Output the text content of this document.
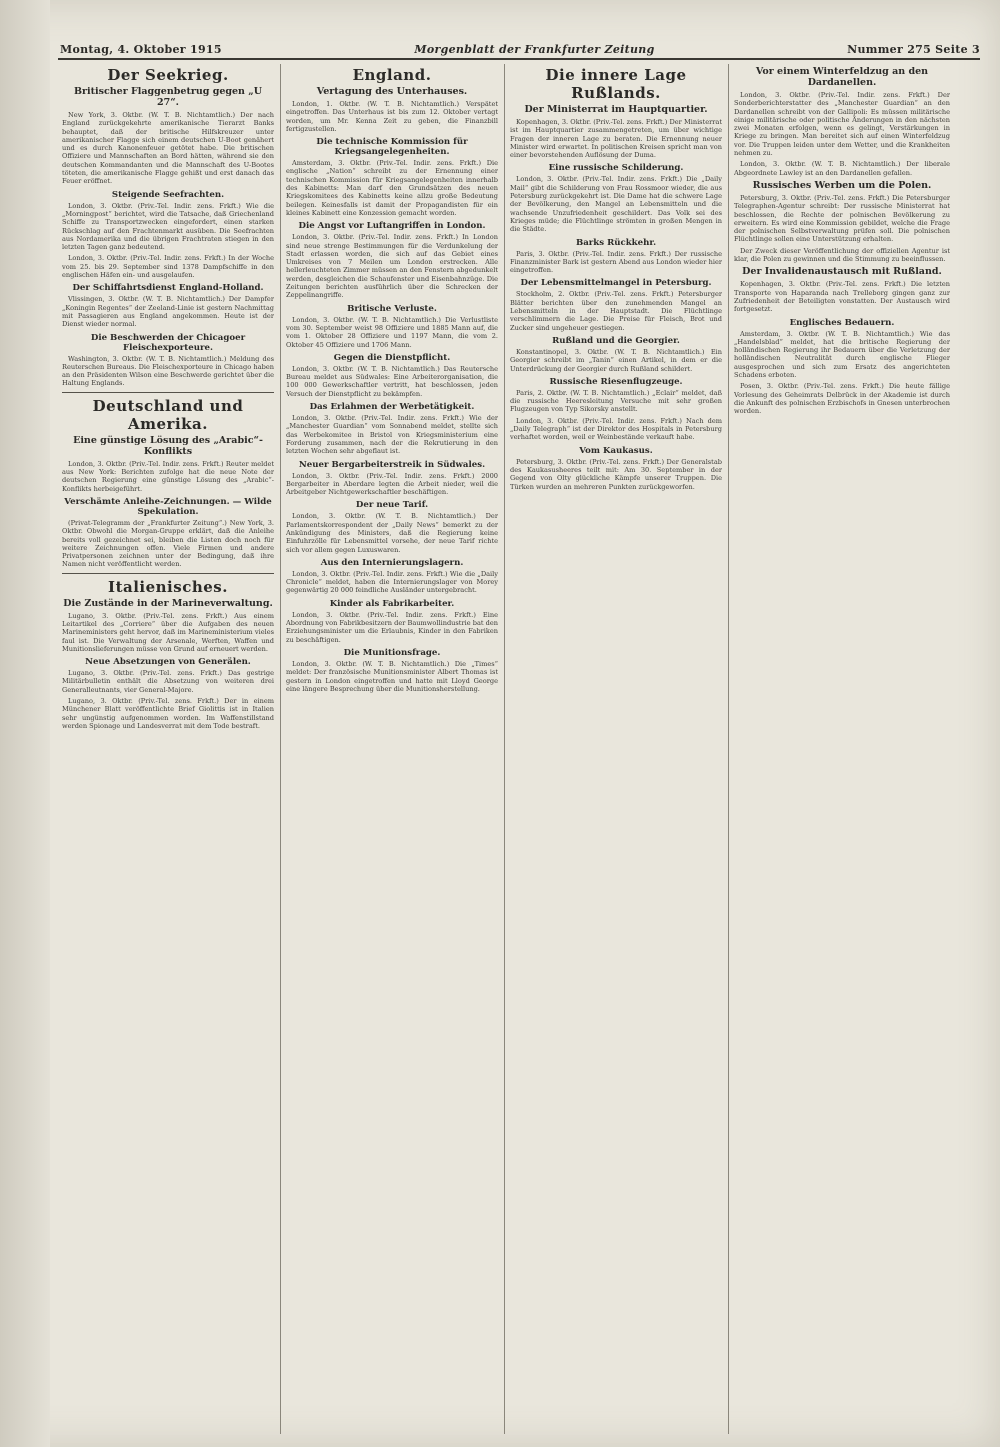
Montag, 4. Oktober 1915	Morgenblatt der Frankfurter Zeitung	Nummer 275 Seite 3
Der Seekrieg.
Britischer Flaggenbetrug gegen „U 27“.

New York, 3. Oktbr. (W. T. B. Nichtamtlich.) Der nach England zurückgekehrte amerikanische Tierarzt Banks behauptet, daß der britische Hilfskreuzer unter amerikanischer Flagge sich einem deutschen U-Boot genähert und es durch Kanonenfeuer getötet habe. Die britischen Offiziere und Mannschaften an Bord hätten, während sie den deutschen Kommandanten und die Mannschaft des U-Bootes töteten, die amerikanische Flagge gehißt und erst danach das Feuer eröffnet.

Steigende Seefrachten.

London, 3. Oktbr. (Priv.-Tel. Indir. zens. Frkft.) Wie die „Morningpost“ berichtet, wird die Tatsache, daß Griechenland Schiffe zu Transportzwecken eingefordert, einen starken Rückschlag auf den Frachtenmarkt ausüben. Die Seefrachten aus Nordamerika und die übrigen Frachtraten stiegen in den letzten Tagen ganz bedeutend.

London, 3. Oktbr. (Priv.-Tel. Indir. zens. Frkft.) In der Woche vom 25. bis 29. September sind 1378 Dampfschiffe in den englischen Häfen ein- und ausgelaufen.

Der Schiffahrtsdienst England-Holland.

Vlissingen, 3. Oktbr. (W. T. B. Nichtamtlich.) Der Dampfer „Koningin Regentes“ der Zeeland-Linie ist gestern Nachmittag mit Passagieren aus England angekommen. Heute ist der Dienst wieder normal.

Die Beschwerden der Chicagoer Fleischexporteure.

Washington, 3. Oktbr. (W. T. B. Nichtamtlich.) Meldung des Reuterschen Bureaus. Die Fleischexporteure in Chicago haben an den Präsidenten Wilson eine Beschwerde gerichtet über die Haltung Englands.

Deutschland und Amerika.
Eine günstige Lösung des „Arabic“-Konflikts

London, 3. Oktbr. (Priv.-Tel. Indir. zens. Frkft.) Reuter meldet aus New York: Berichten zufolge hat die neue Note der deutschen Regierung eine günstige Lösung des „Arabic“-Konflikts herbeigeführt.

Verschämte Anleihe-Zeichnungen. — Wilde Spekulation.

(Privat-Telegramm der „Frankfurter Zeitung“.) New York, 3. Oktbr. Obwohl die Morgan-Gruppe erklärt, daß die Anleihe bereits voll gezeichnet sei, bleiben die Listen doch noch für weitere Zeichnungen offen. Viele Firmen und andere Privatpersonen zeichnen unter der Bedingung, daß ihre Namen nicht veröffentlicht werden.

Italienisches.
Die Zustände in der Marineverwaltung.

Lugano, 3. Oktbr. (Priv.-Tel. zens. Frkft.) Aus einem Leitartikel des „Corriere“ über die Aufgaben des neuen Marineministers geht hervor, daß im Marineministerium vieles faul ist. Die Verwaltung der Arsenale, Werften, Waffen und Munitionslieferungen müsse von Grund auf erneuert werden.

Neue Absetzungen von Generälen.

Lugano, 3. Oktbr. (Priv.-Tel. zens. Frkft.) Das gestrige Militärbulletin enthält die Absetzung von weiteren drei Generalleutnants, vier General-Majore.

Lugano, 3. Oktbr. (Priv.-Tel. zens. Frkft.) Der in einem Münchener Blatt veröffentlichte Brief Giolittis ist in Italien sehr ungünstig aufgenommen worden. Im Waffenstillstand werden Spionage und Landesverrat mit dem Tode bestraft.

England.
Vertagung des Unterhauses.

London, 1. Oktbr. (W. T. B. Nichtamtlich.) Verspätet eingetroffen. Das Unterhaus ist bis zum 12. Oktober vertagt worden, um Mr. Kenna Zeit zu geben, die Finanzbill fertigzustellen.

Die technische Kommission für Kriegsangelegenheiten.

Amsterdam, 3. Oktbr. (Priv.-Tel. Indir. zens. Frkft.) Die englische „Nation“ schreibt zu der Ernennung einer technischen Kommission für Kriegsangelegenheiten innerhalb des Kabinetts: Man darf den Grundsätzen des neuen Kriegskomitees des Kabinetts keine allzu große Bedeutung beilegen. Keinesfalls ist damit der Propagandisten für ein kleines Kabinett eine Konzession gemacht worden.

Die Angst vor Luftangriffen in London.

London, 3. Oktbr. (Priv.-Tel. Indir. zens. Frkft.) In London sind neue strenge Bestimmungen für die Verdunkelung der Stadt erlassen worden, die sich auf das Gebiet eines Umkreises von 7 Meilen um London erstrecken. Alle hellerleuchteten Zimmer müssen an den Fenstern abgedunkelt werden, desgleichen die Schaufenster und Eisenbahnzüge. Die Zeitungen berichten ausführlich über die Schrecken der Zeppelinangriffe.

Britische Verluste.

London, 3. Oktbr. (W. T. B. Nichtamtlich.) Die Verlustliste vom 30. September weist 98 Offiziere und 1885 Mann auf, die vom 1. Oktober 28 Offiziere und 1197 Mann, die vom 2. Oktober 45 Offiziere und 1706 Mann.

Gegen die Dienstpflicht.

London, 3. Oktbr. (W. T. B. Nichtamtlich.) Das Reutersche Bureau meldet aus Südwales: Eine Arbeiterorganisation, die 100 000 Gewerkschaftler vertritt, hat beschlossen, jeden Versuch der Dienstpflicht zu bekämpfen.

Das Erlahmen der Werbetätigkeit.

London, 3. Oktbr. (Priv.-Tel. Indir. zens. Frkft.) Wie der „Manchester Guardian“ vom Sonnabend meldet, stellte sich das Werbekomitee in Bristol von Kriegsministerium eine Forderung zusammen, nach der die Rekrutierung in den letzten Wochen sehr abgeflaut ist.

Neuer Bergarbeiterstreik in Südwales.

London, 3. Oktbr. (Priv.-Tel. Indir. zens. Frkft.) 2000 Bergarbeiter in Aberdare legten die Arbeit nieder, weil die Arbeitgeber Nichtgewerkschaftler beschäftigen.

Der neue Tarif.

London, 3. Oktbr. (W. T. B. Nichtamtlich.) Der Parlamentskorrespondent der „Daily News“ bemerkt zu der Ankündigung des Ministers, daß die Regierung keine Einfuhrzölle für Lebensmittel vorsehe, der neue Tarif richte sich vor allem gegen Luxuswaren.

Aus den Internierungslagern.

London, 3. Oktbr. (Priv.-Tel. Indir. zens. Frkft.) Wie die „Daily Chronicle“ meldet, haben die Internierungslager von Morey gegenwärtig 20 000 feindliche Ausländer untergebracht.

Kinder als Fabrikarbeiter.

London, 3. Oktbr. (Priv.-Tel. Indir. zens. Frkft.) Eine Abordnung von Fabrikbesitzern der Baumwollindustrie bat den Erziehungsminister um die Erlaubnis, Kinder in den Fabriken zu beschäftigen.

Die Munitionsfrage.

London, 3. Oktbr. (W. T. B. Nichtamtlich.) Die „Times“ meldet: Der französische Munitionsminister Albert Thomas ist gestern in London eingetroffen und hatte mit Lloyd George eine längere Besprechung über die Munitionsherstellung.

Die innere Lage Rußlands.
Der Ministerrat im Hauptquartier.

Kopenhagen, 3. Oktbr. (Priv.-Tel. zens. Frkft.) Der Ministerrat ist im Hauptquartier zusammengetreten, um über wichtige Fragen der inneren Lage zu beraten. Die Ernennung neuer Minister wird erwartet. In politischen Kreisen spricht man von einer bevorstehenden Auflösung der Duma.

Eine russische Schilderung.

London, 3. Oktbr. (Priv.-Tel. Indir. zens. Frkft.) Die „Daily Mail“ gibt die Schilderung von Frau Rossmoor wieder, die aus Petersburg zurückgekehrt ist. Die Dame hat die schwere Lage der Bevölkerung, den Mangel an Lebensmitteln und die wachsende Unzufriedenheit geschildert. Das Volk sei des Krieges müde; die Flüchtlinge strömten in großen Mengen in die Städte.

Barks Rückkehr.

Paris, 3. Oktbr. (Priv.-Tel. Indir. zens. Frkft.) Der russische Finanzminister Bark ist gestern Abend aus London wieder hier eingetroffen.

Der Lebensmittelmangel in Petersburg.

Stockholm, 2. Oktbr. (Priv.-Tel. zens. Frkft.) Petersburger Blätter berichten über den zunehmenden Mangel an Lebensmitteln in der Hauptstadt. Die Flüchtlinge verschlimmern die Lage. Die Preise für Fleisch, Brot und Zucker sind ungeheuer gestiegen.

Rußland und die Georgier.

Konstantinopel, 3. Oktbr. (W. T. B. Nichtamtlich.) Ein Georgier schreibt im „Tanin“ einen Artikel, in dem er die Unterdrückung der Georgier durch Rußland schildert.

Russische Riesenflugzeuge.

Paris, 2. Oktbr. (W. T. B. Nichtamtlich.) „Eclair“ meldet, daß die russische Heeresleitung Versuche mit sehr großen Flugzeugen von Typ Sikorsky anstellt.

London, 3. Oktbr. (Priv.-Tel. Indir. zens. Frkft.) Nach dem „Daily Telegraph“ ist der Direktor des Hospitals in Petersburg verhaftet worden, weil er Weinbestände verkauft habe.

Vom Kaukasus.

Petersburg, 3. Oktbr. (Priv.-Tel. zens. Frkft.) Der Generalstab des Kaukasusheeres teilt mit: Am 30. September in der Gegend von Olty glückliche Kämpfe unserer Truppen. Die Türken wurden an mehreren Punkten zurückgeworfen.

Vor einem Winterfeldzug an den Dardanellen.

London, 3. Oktbr. (Priv.-Tel. Indir. zens. Frkft.) Der Sonderberichterstatter des „Manchester Guardian“ an den Dardanellen schreibt von der Gallipoli: Es müssen militärische einige militärische oder politische Änderungen in den nächsten zwei Monaten erfolgen, wenn es gelingt, Verstärkungen in Kriege zu bringen. Man bereitet sich auf einen Winterfeldzug vor. Die Truppen leiden unter dem Wetter, und die Krankheiten nehmen zu.

London, 3. Oktbr. (W. T. B. Nichtamtlich.) Der liberale Abgeordnete Lawley ist an den Dardanellen gefallen.

Russisches Werben um die Polen.

Petersburg, 3. Oktbr. (Priv.-Tel. zens. Frkft.) Die Petersburger Telegraphen-Agentur schreibt: Der russische Ministerrat hat beschlossen, die Rechte der polnischen Bevölkerung zu erweitern. Es wird eine Kommission gebildet, welche die Frage der polnischen Selbstverwaltung prüfen soll. Die polnischen Flüchtlinge sollen eine Unterstützung erhalten.

Der Zweck dieser Veröffentlichung der offiziellen Agentur ist klar, die Polen zu gewinnen und die Stimmung zu beeinflussen.

Der Invalidenaustausch mit Rußland.

Kopenhagen, 3. Oktbr. (Priv.-Tel. zens. Frkft.) Die letzten Transporte von Haparanda nach Trelleborg gingen ganz zur Zufriedenheit der Beteiligten vonstatten. Der Austausch wird fortgesetzt.

Englisches Bedauern.

Amsterdam, 3. Oktbr. (W. T. B. Nichtamtlich.) Wie das „Handelsblad“ meldet, hat die britische Regierung der holländischen Regierung ihr Bedauern über die Verletzung der holländischen Neutralität durch englische Flieger ausgesprochen und sich zum Ersatz des angerichteten Schadens erboten.

Posen, 3. Oktbr. (Priv.-Tel. zens. Frkft.) Die heute fällige Vorlesung des Geheimrats Delbrück in der Akademie ist durch die Ankunft des polnischen Erzbischofs in Gnesen unterbrochen worden.
